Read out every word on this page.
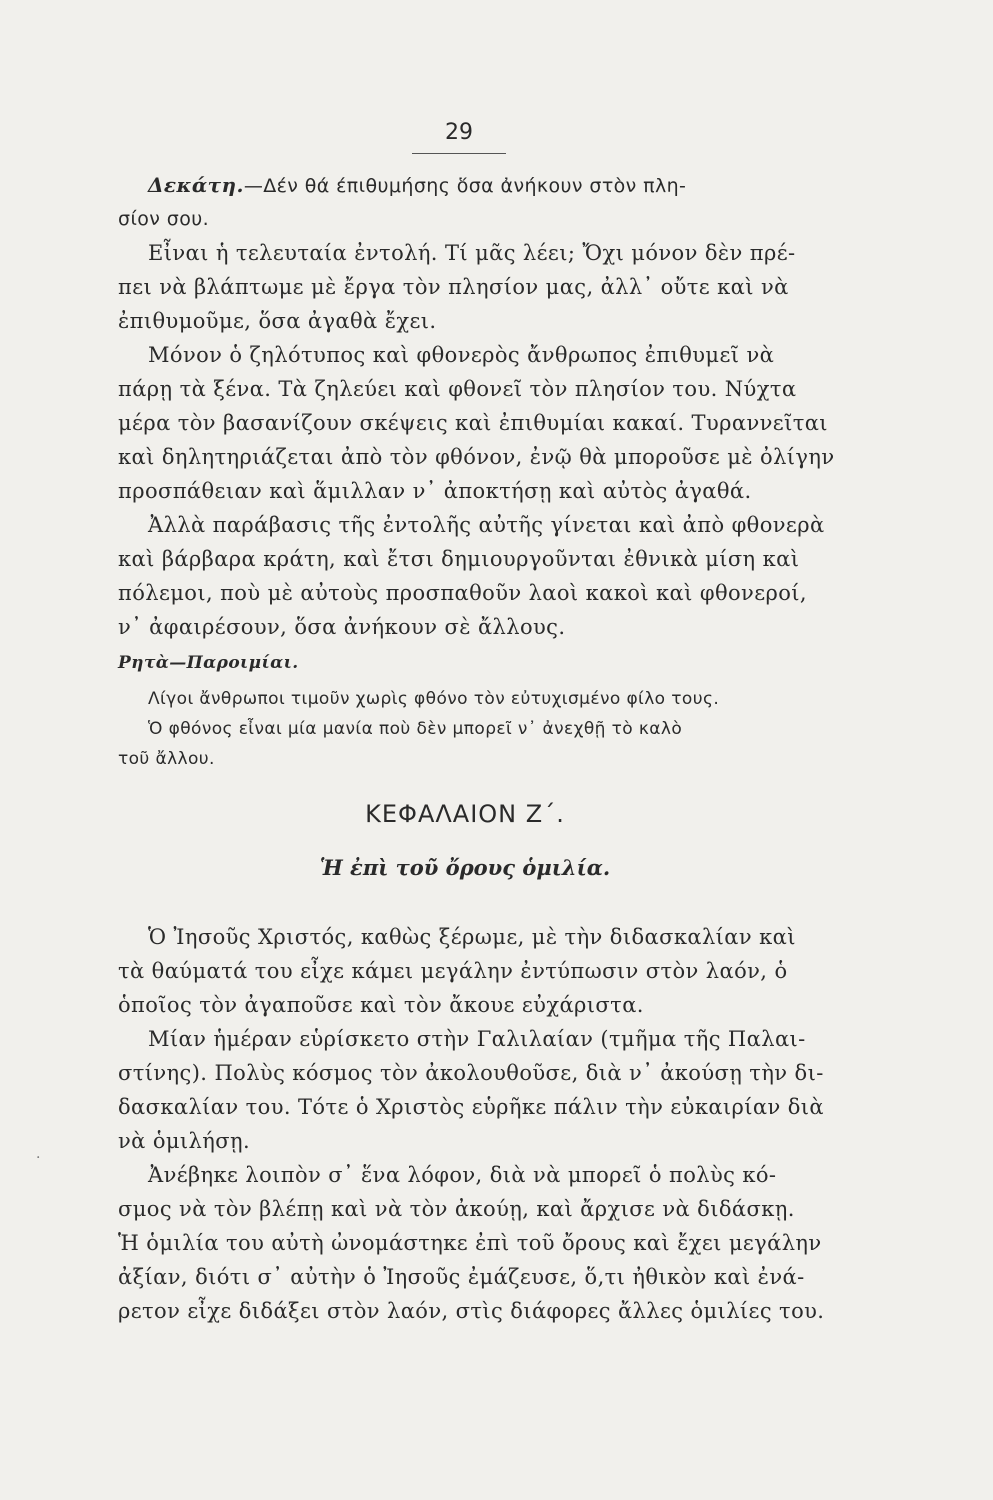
29
Δεκάτη.—Δέν θά έπιθυμήσης ὅσα ἀνήκουν στὸν πλη-
σίον σου.
Εἶναι ἡ τελευταία ἐντολή. Τί μᾶς λέει; Ὄχι μόνον δὲν πρέ-
πει νὰ βλάπτωμε μὲ ἔργα τὸν πλησίον μας, ἀλλ᾽ οὔτε καὶ νὰ
ἐπιθυμοῦμε, ὅσα ἀγαθὰ ἔχει.
Μόνον ὁ ζηλότυπος καὶ φθονερὸς ἄνθρωπος ἐπιθυμεῖ νὰ
πάρῃ τὰ ξένα. Τὰ ζηλεύει καὶ φθονεῖ τὸν πλησίον του. Νύχτα
μέρα τὸν βασανίζουν σκέψεις καὶ ἐπιθυμίαι κακαί. Τυραννεῖται
καὶ δηλητηριάζεται ἀπὸ τὸν φθόνον, ἐνῷ θὰ μποροῦσε μὲ ὀλίγην
προσπάθειαν καὶ ἅμιλλαν ν᾽ ἀποκτήσῃ καὶ αὐτὸς ἀγαθά.
Ἀλλὰ παράβασις τῆς ἐντολῆς αὐτῆς γίνεται καὶ ἀπὸ φθονερὰ
καὶ βάρβαρα κράτη, καὶ ἔτσι δημιουργοῦνται ἐθνικὰ μίση καὶ
πόλεμοι, ποὺ μὲ αὐτοὺς προσπαθοῦν λαοὶ κακοὶ καὶ φθονεροί,
ν᾽ ἀφαιρέσουν, ὅσα ἀνήκουν σὲ ἄλλους.
Ρητὰ—Παροιμίαι.
Λίγοι ἄνθρωποι τιμοῦν χωρὶς φθόνο τὸν εὐτυχισμένο φίλο τους.
Ὁ φθόνος εἶναι μία μανία ποὺ δὲν μπορεῖ ν᾽ ἀνεχθῇ τὸ καλὸ
τοῦ ἄλλου.
ΚΕΦΑΛΑΙΟΝ Ζ΄.
Ἡ ἐπὶ τοῦ ὄρους ὁμιλία.
Ὁ Ἰησοῦς Χριστός, καθὼς ξέρωμε, μὲ τὴν διδασκαλίαν καὶ
τὰ θαύματά του εἶχε κάμει μεγάλην ἐντύπωσιν στὸν λαόν, ὁ
ὁποῖος τὸν ἀγαποῦσε καὶ τὸν ἄκουε εὐχάριστα.
Μίαν ἡμέραν εὑρίσκετο στὴν Γαλιλαίαν (τμῆμα τῆς Παλαι-
στίνης). Πολὺς κόσμος τὸν ἀκολουθοῦσε, διὰ ν᾽ ἀκούσῃ τὴν δι-
δασκαλίαν του. Τότε ὁ Χριστὸς εὑρῆκε πάλιν τὴν εὐκαιρίαν διὰ
νὰ ὁμιλήσῃ.
Ἀνέβηκε λοιπὸν σ᾽ ἕνα λόφον, διὰ νὰ μπορεῖ ὁ πολὺς κό-
σμος νὰ τὸν βλέπῃ καὶ νὰ τὸν ἀκούῃ, καὶ ἄρχισε νὰ διδάσκῃ.
Ἡ ὁμιλία του αὐτὴ ὠνομάστηκε ἐπὶ τοῦ ὄρους καὶ ἔχει μεγάλην
ἀξίαν, διότι σ᾽ αὐτὴν ὁ Ἰησοῦς ἐμάζευσε, ὅ,τι ἠθικὸν καὶ ἐνά-
ρετον εἶχε διδάξει στὸν λαόν, στὶς διάφορες ἄλλες ὁμιλίες του.
·
